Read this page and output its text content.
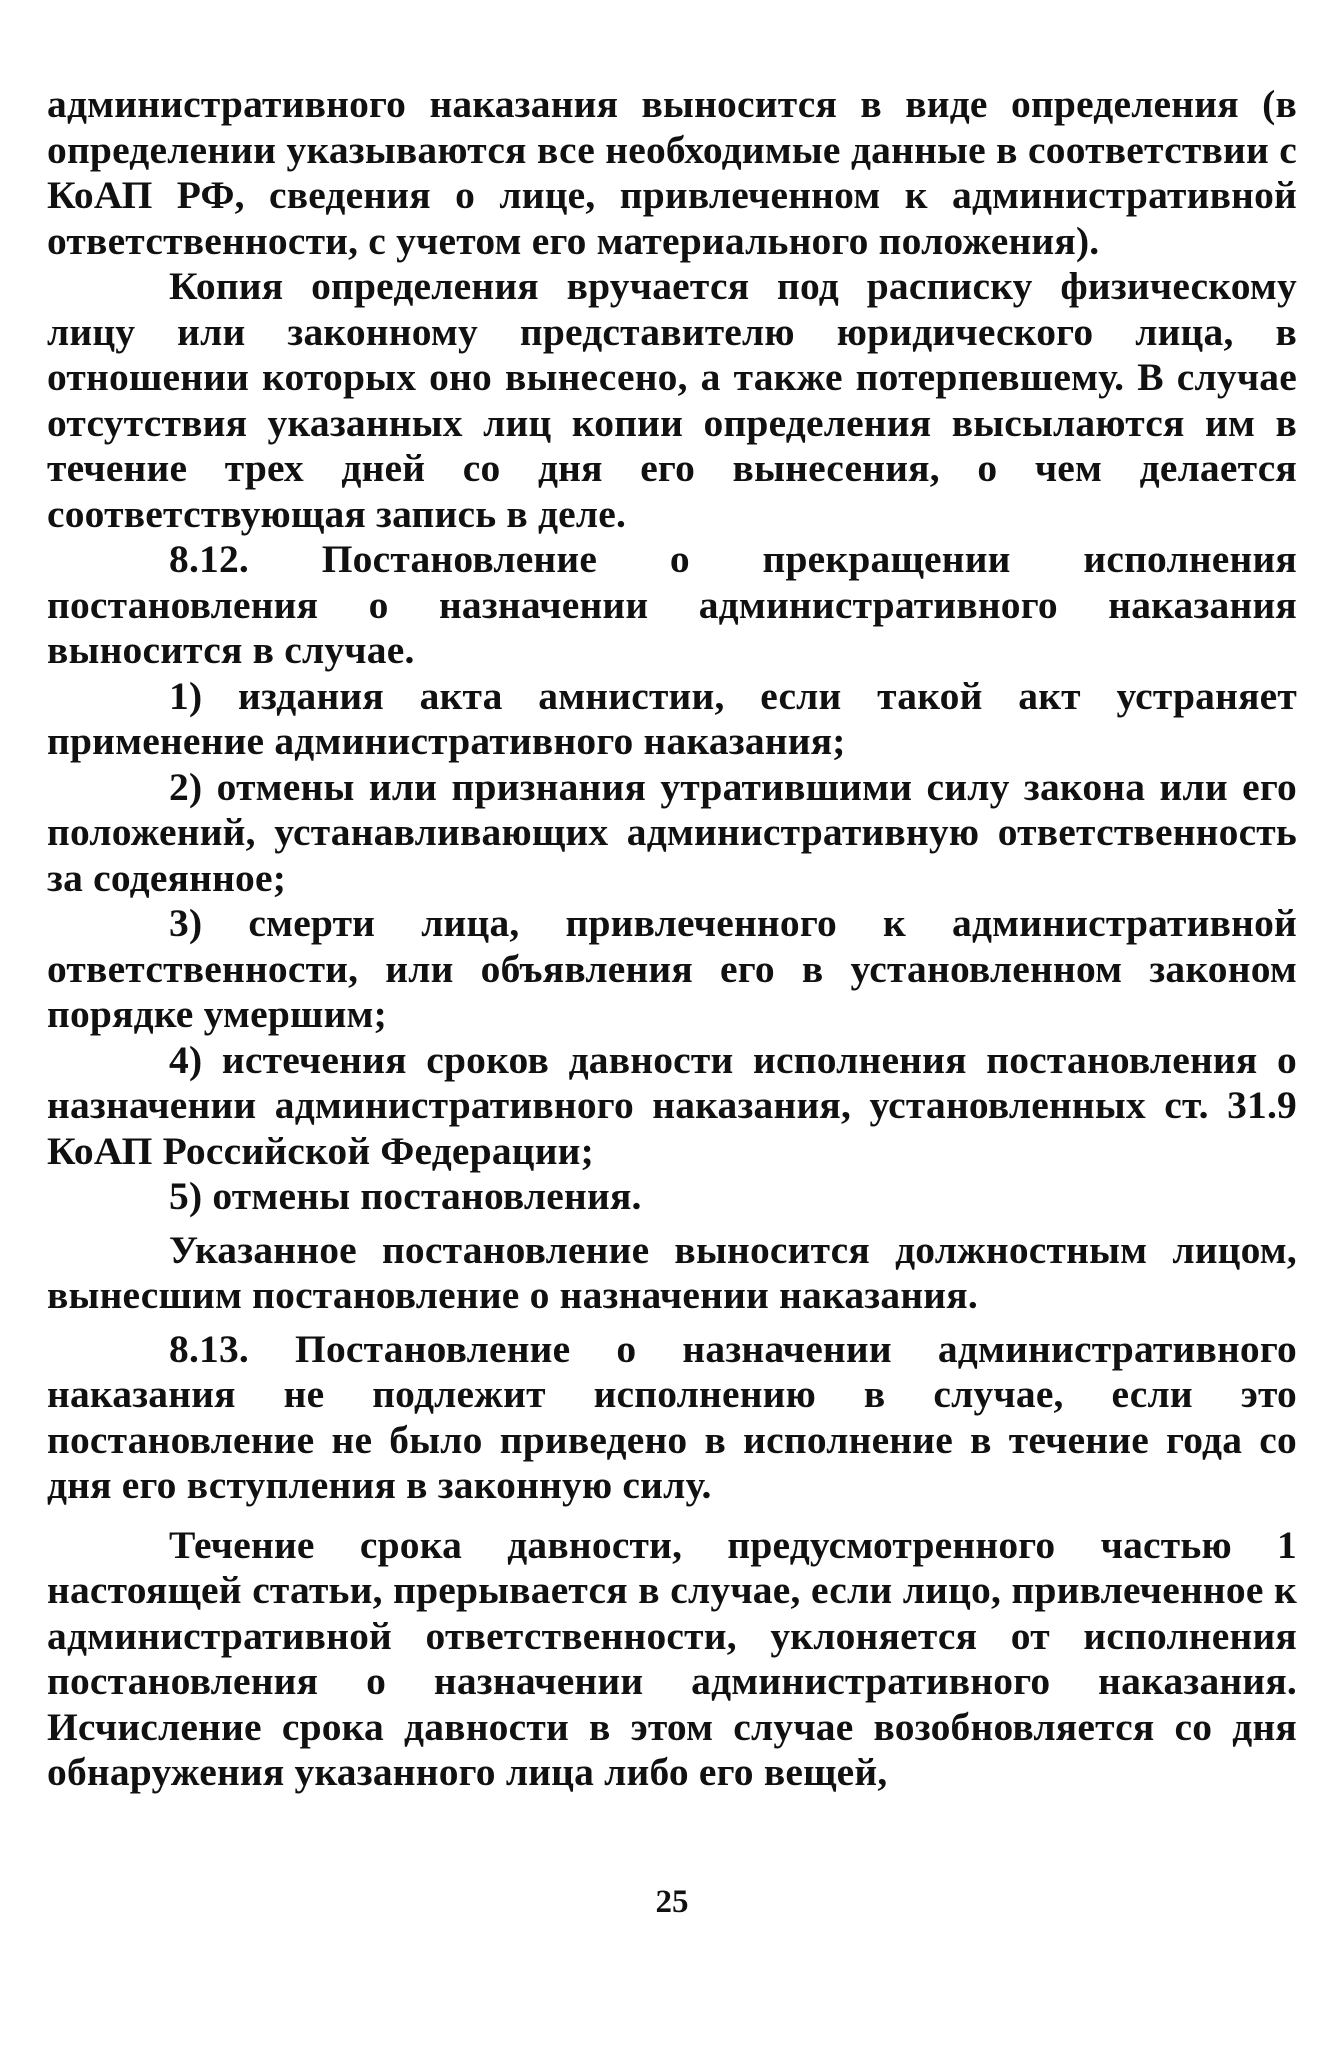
административного наказания выносится в виде определения (в определении указываются все необходимые данные в соответствии с КоАП РФ, сведения о лице, привлеченном к административной ответственности, с учетом его материального положения).

Копия определения вручается под расписку физическому лицу или законному представителю юридического лица, в отношении которых оно вынесено, а также потерпевшему. В случае отсутствия указанных лиц копии определения высылаются им в течение трех дней со дня его вынесения, о чем делается соответствующая запись в деле.

8.12. Постановление о прекращении исполнения постановления о назначении административного наказания выносится в случае.

1) издания акта амнистии, если такой акт устраняет применение административного наказания;

2) отмены или признания утратившими силу закона или его положений, устанавливающих административную ответственность за содеянное;

3) смерти лица, привлеченного к административной ответственности, или объявления его в установленном законом порядке умершим;

4) истечения сроков давности исполнения постановления о назначении административного наказания, установленных ст. 31.9 КоАП Российской Федерации;

5) отмены постановления.

Указанное постановление выносится должностным лицом, вынесшим постановление о назначении наказания.

8.13. Постановление о назначении административного наказания не подлежит исполнению в случае, если это постановление не было приведено в исполнение в течение года со дня его вступления в законную силу.

Течение срока давности, предусмотренного частью 1 настоящей статьи, прерывается в случае, если лицо, привлеченное к административной ответственности, уклоняется от исполнения постановления о назначении административного наказания. Исчисление срока давности в этом случае возобновляется со дня обнаружения указанного лица либо его вещей,

25
